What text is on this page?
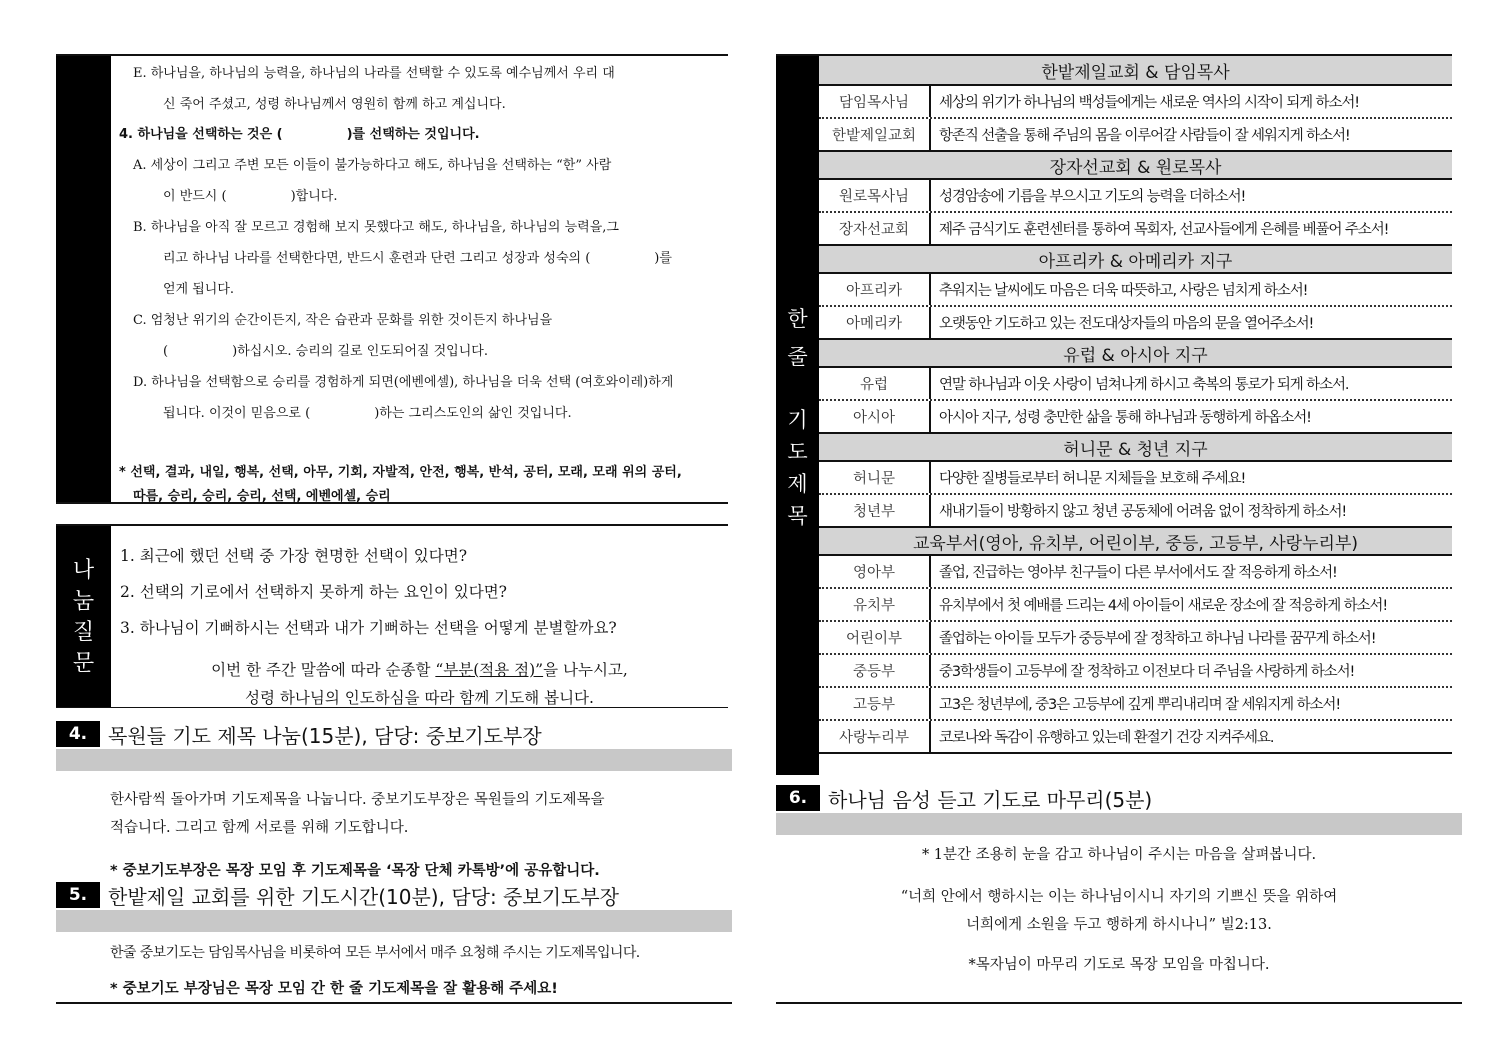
E. 하나님을, 하나님의 능력을, 하나님의 나라를 선택할 수 있도록 예수님께서 우리 대
신 죽어 주셨고, 성령 하나님께서 영원히 함께 하고 계십니다.
4. 하나님을 선택하는 것은 (	)를 선택하는 것입니다.
A. 세상이 그리고 주변 모든 이들이 불가능하다고 해도, 하나님을 선택하는 “한” 사람
이 반드시 (	)합니다.
B. 하나님을 아직 잘 모르고 경험해 보지 못했다고 해도, 하나님을, 하나님의 능력을,그
리고 하나님 나라를 선택한다면, 반드시 훈련과 단련 그리고 성장과 성숙의 (	)를
얻게 됩니다.
C. 엄청난 위기의 순간이든지, 작은 습관과 문화를 위한 것이든지 하나님을
(	)하십시오. 승리의 길로 인도되어질 것입니다.
D. 하나님을 선택함으로 승리를 경험하게 되면(에벤에셀), 하나님을 더욱 선택 (여호와이레)하게
됩니다. 이것이 믿음으로 (	)하는 그리스도인의 삶인 것입니다.
* 선택, 결과, 내일, 행복, 선택, 아무, 기회, 자발적, 안전, 행복, 반석, 공터, 모래, 모래 위의 공터,
따름, 승리, 승리, 승리, 선택, 에벤에셀, 승리
나
눔
질
문
1. 최근에 했던 선택 중 가장 현명한 선택이 있다면?
2. 선택의 기로에서 선택하지 못하게 하는 요인이 있다면?
3. 하나님이 기뻐하시는 선택과 내가 기뻐하는 선택을 어떻게 분별할까요?
이번 한 주간 말씀에 따라 순종할 “부분(적용 점)”을 나누시고,
성령 하나님의 인도하심을 따라 함께 기도해 봅니다.
4.	목원들 기도 제목 나눔(15분), 담당: 중보기도부장
한사람씩 돌아가며 기도제목을 나눕니다. 중보기도부장은 목원들의 기도제목을
적습니다. 그리고 함께 서로를 위해 기도합니다.
* 중보기도부장은 목장 모임 후 기도제목을 ‘목장 단체 카톡방’에 공유합니다.
5.	한밭제일 교회를 위한 기도시간(10분), 담당: 중보기도부장
한줄 중보기도는 담임목사님을 비롯하여 모든 부서에서 매주 요청해 주시는 기도제목입니다.
* 중보기도 부장님은 목장 모임 간 한 줄 기도제목을 잘 활용해 주세요!
한
줄
기
도
제
목
한밭제일교회 & 담임목사
담임목사님	세상의 위기가 하나님의 백성들에게는 새로운 역사의 시작이 되게 하소서!
한밭제일교회	항존직 선출을 통해 주님의 몸을 이루어갈 사람들이 잘 세워지게 하소서!
장자선교회 & 원로목사
원로목사님	성경암송에 기름을 부으시고 기도의 능력을 더하소서!
장자선교회	제주 금식기도 훈련센터를 통하여 목회자, 선교사들에게 은혜를 베풀어 주소서!
아프리카 & 아메리카 지구
아프리카	추워지는 날씨에도 마음은 더욱 따뜻하고, 사랑은 넘치게 하소서!
아메리카	오랫동안 기도하고 있는 전도대상자들의 마음의 문을 열어주소서!
유럽 & 아시아 지구
유럽	연말 하나님과 이웃 사랑이 넘쳐나게 하시고 축복의 통로가 되게 하소서.
아시아	아시아 지구, 성령 충만한 삶을 통해 하나님과 동행하게 하옵소서!
허니문 & 청년 지구
허니문	다양한 질병들로부터 허니문 지체들을 보호해 주세요!
청년부	새내기들이 방황하지 않고 청년 공동체에 어려움 없이 정착하게 하소서!
교육부서(영아, 유치부, 어린이부, 중등, 고등부, 사랑누리부)
영아부	졸업, 진급하는 영아부 친구들이 다른 부서에서도 잘 적응하게 하소서!
유치부	유치부에서 첫 예배를 드리는 4세 아이들이 새로운 장소에 잘 적응하게 하소서!
어린이부	졸업하는 아이들 모두가 중등부에 잘 정착하고 하나님 나라를 꿈꾸게 하소서!
중등부	중3학생들이 고등부에 잘 정착하고 이전보다 더 주님을 사랑하게 하소서!
고등부	고3은 청년부에, 중3은 고등부에 깊게 뿌리내리며 잘 세워지게 하소서!
사랑누리부	코로나와 독감이 유행하고 있는데 환절기 건강 지켜주세요.
6.	하나님 음성 듣고 기도로 마무리(5분)
* 1분간 조용히 눈을 감고 하나님이 주시는 마음을 살펴봅니다.
“너희 안에서 행하시는 이는 하나님이시니 자기의 기쁘신 뜻을 위하여
너희에게 소원을 두고 행하게 하시나니” 빌2:13.
*목자님이 마무리 기도로 목장 모임을 마칩니다.
